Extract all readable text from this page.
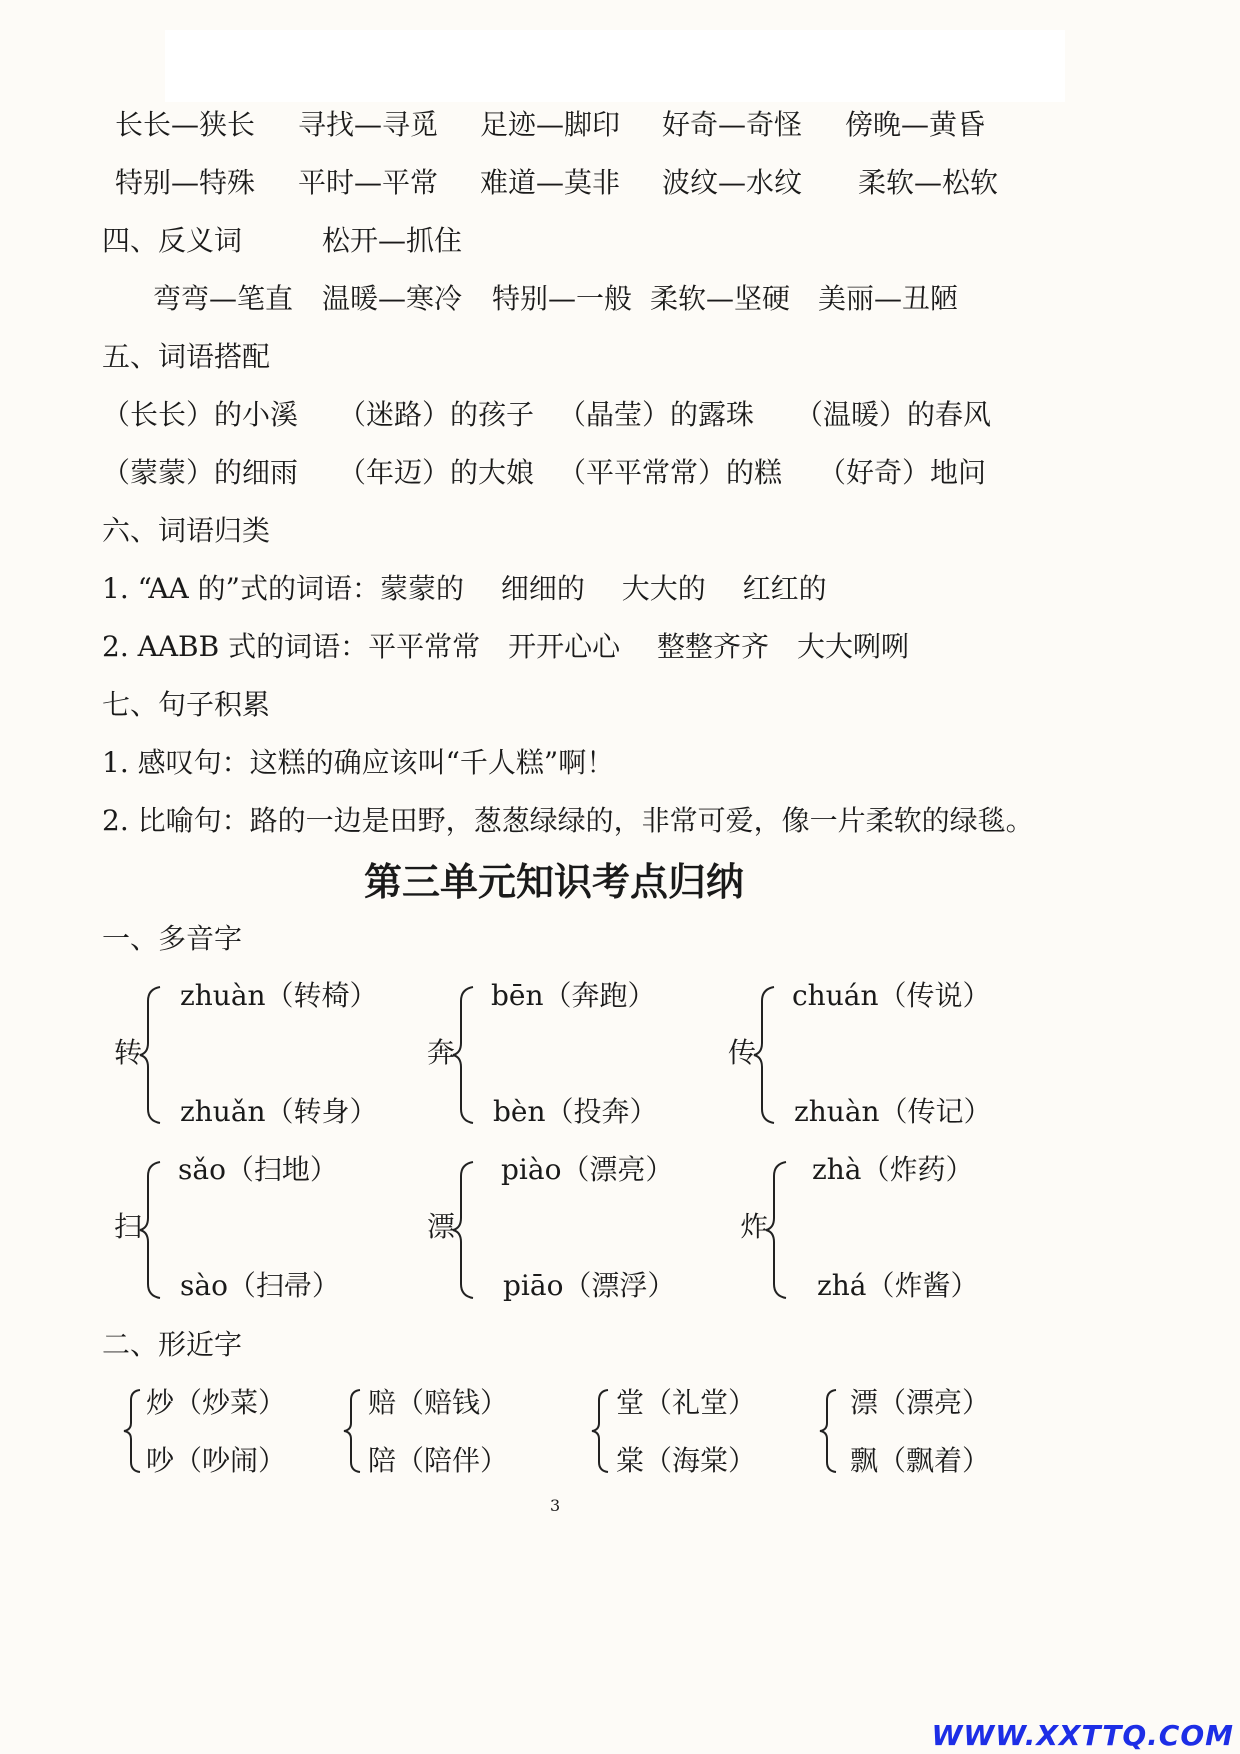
长长—狭长 寻找—寻觅 足迹—脚印 好奇—奇怪 傍晚—黄昏
特别—特殊 平时—平常 难道—莫非 波纹—水纹 柔软—松软
四、反义词	松开—抓住
弯弯—笔直 温暖—寒冷 特别—一般 柔软—坚硬 美丽—丑陋
五、词语搭配
（长长）的小溪 （迷路）的孩子 （晶莹）的露珠 （温暖）的春风
（蒙蒙）的细雨 （年迈）的大娘 （平平常常）的糕 （好奇）地问
六、词语归类
1. “AA 的”式的词语：蒙蒙的　 细细的　 大大的　 红红的
2. AABB 式的词语：平平常常　开开心心　 整整齐齐　大大咧咧
七、句子积累
1. 感叹句：这糕的确应该叫“千人糕”啊！
2. 比喻句：路的一边是田野，葱葱绿绿的，非常可爱，像一片柔软的绿毯。
第三单元知识考点归纳
一、多音字
转
zhuàn（转椅）
zhuǎn（转身）
奔
bēn（奔跑）
bèn（投奔）
传
chuán（传说）
zhuàn（传记）
扫
sǎo（扫地）
sào（扫帚）
漂
piào（漂亮）
piāo（漂浮）
炸
zhà（炸药）
zhá（炸酱）
二、形近字
炒（炒菜）
吵（吵闹）
赔（赔钱）
陪（陪伴）
堂（礼堂）
棠（海棠）
漂（漂亮）
飘（飘着）
3
WWW.XXTTQ.COM
